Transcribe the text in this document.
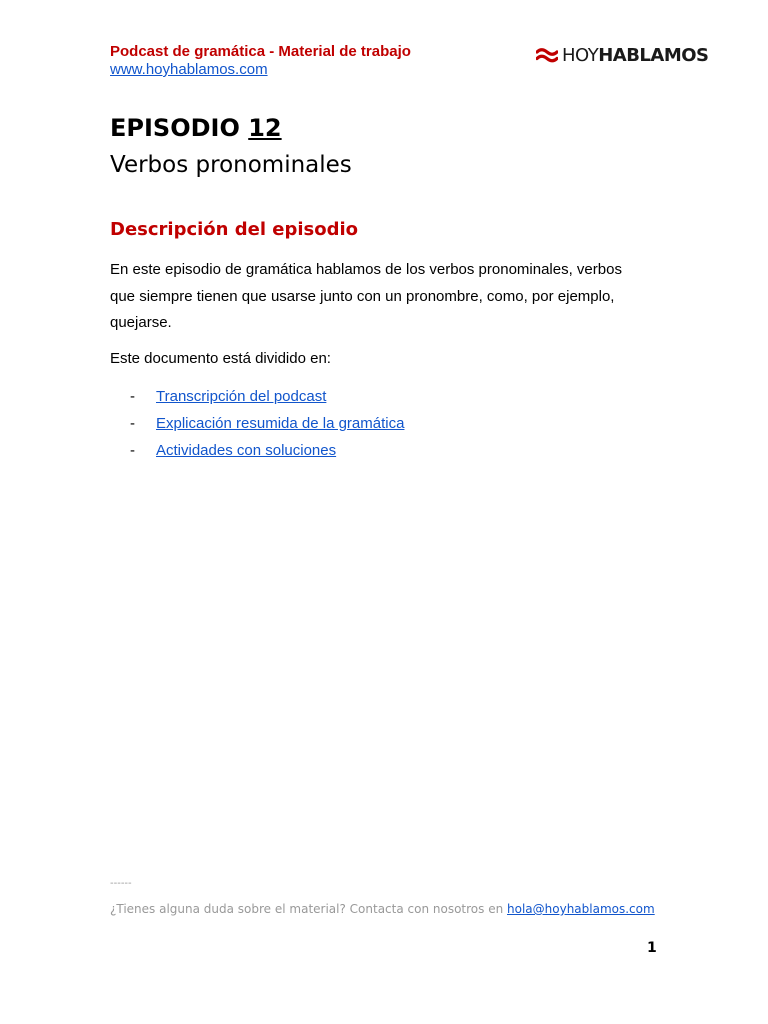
Podcast de gramática - Material de trabajo
www.hoyhablamos.com
HOYHABLAMOS
EPISODIO 12
Verbos pronominales
Descripción del episodio
En este episodio de gramática hablamos de los verbos pronominales, verbos
que siempre tienen que usarse junto con un pronombre, como, por ejemplo,
quejarse.
Este documento está dividido en:
- Transcripción del podcast
- Explicación resumida de la gramática
- Actividades con soluciones
------
¿Tienes alguna duda sobre el material? Contacta con nosotros en hola@hoyhablamos.com
1
